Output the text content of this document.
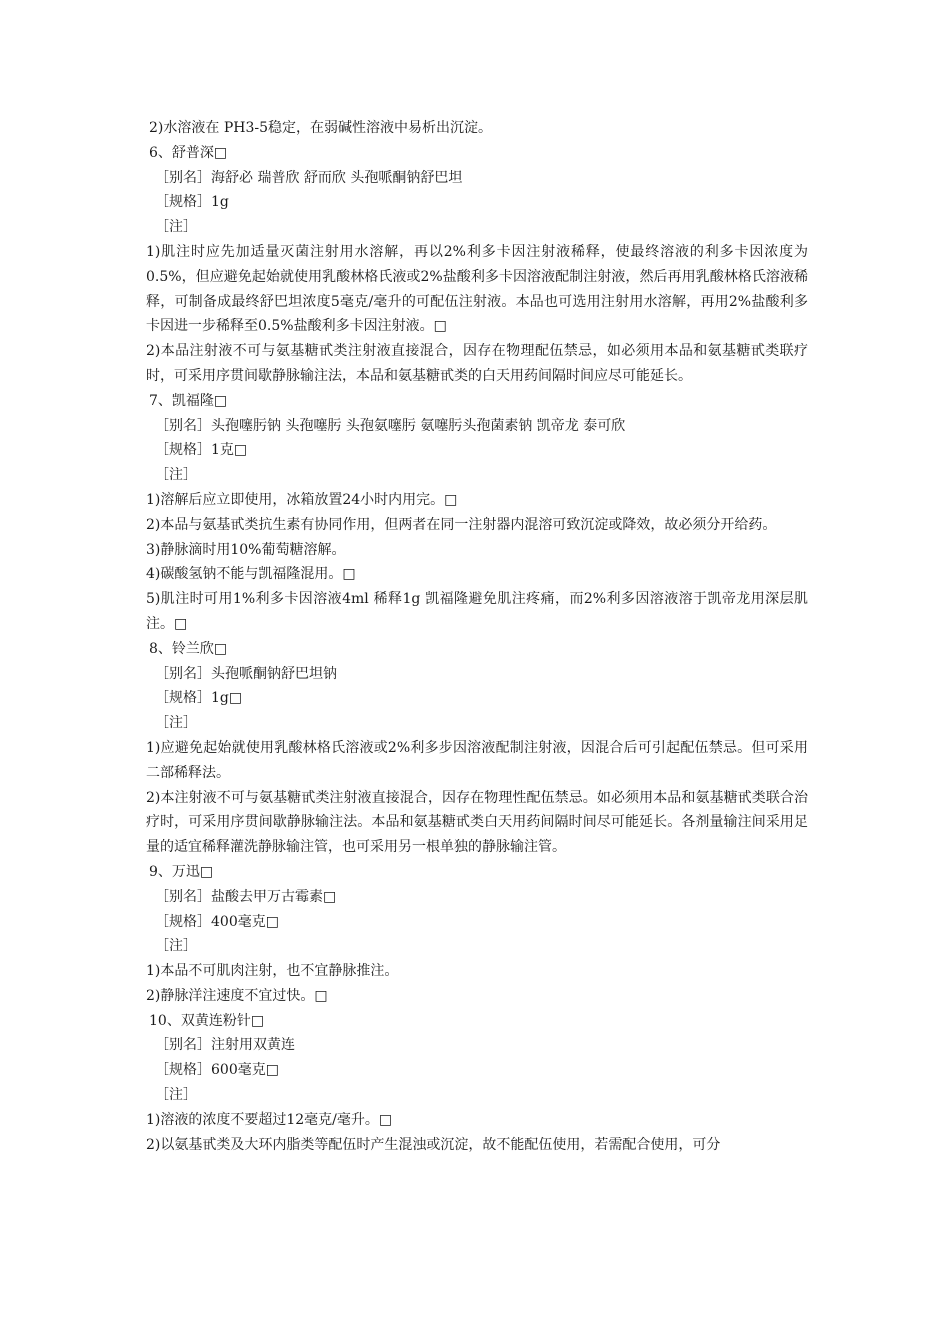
2)水溶液在 PH3-5稳定，在弱碱性溶液中易析出沉淀。

6、舒普深□

［别名］海舒必 瑞普欣 舒而欣 头孢哌酮钠舒巴坦

［规格］1g

［注］

1)肌注时应先加适量灭菌注射用水溶解，再以2%利多卡因注射液稀释，使最终溶液的利多卡因浓度为0.5%，但应避免起始就使用乳酸林格氏液或2%盐酸利多卡因溶液配制注射液，然后再用乳酸林格氏溶液稀释，可制备成最终舒巴坦浓度5毫克/毫升的可配伍注射液。本品也可选用注射用水溶解，再用2%盐酸利多卡因进一步稀释至0.5%盐酸利多卡因注射液。□

2)本品注射液不可与氨基糖甙类注射液直接混合，因存在物理配伍禁忌，如必须用本品和氨基糖甙类联疗时，可采用序贯间歇静脉输注法，本品和氨基糖甙类的白天用药间隔时间应尽可能延长。

7、凯福隆□

［别名］头孢噻肟钠 头孢噻肟 头孢氨噻肟 氨噻肟头孢菌素钠 凯帝龙 泰可欣

［规格］1克□

［注］

1)溶解后应立即使用，冰箱放置24小时内用完。□

2)本品与氨基甙类抗生素有协同作用，但两者在同一注射器内混溶可致沉淀或降效，故必须分开给药。

3)静脉滴时用10%葡萄糖溶解。

4)碳酸氢钠不能与凯福隆混用。□

5)肌注时可用1%利多卡因溶液4ml 稀释1g 凯福隆避免肌注疼痛，而2%利多因溶液溶于凯帝龙用深层肌注。□

8、铃兰欣□

［别名］头孢哌酮钠舒巴坦钠

［规格］1g□

［注］

1)应避免起始就使用乳酸林格氏溶液或2%利多步因溶液配制注射液，因混合后可引起配伍禁忌。但可采用二部稀释法。

2)本注射液不可与氨基糖甙类注射液直接混合，因存在物理性配伍禁忌。如必须用本品和氨基糖甙类联合治疗时，可采用序贯间歇静脉输注法。本品和氨基糖甙类白天用药间隔时间尽可能延长。各剂量输注间采用足量的适宜稀释灌洗静脉输注管，也可采用另一根单独的静脉输注管。

9、万迅□

［别名］盐酸去甲万古霉素□

［规格］400毫克□

［注］

1)本品不可肌肉注射，也不宜静脉推注。

2)静脉洋注速度不宜过快。□

10、双黄连粉针□

［别名］注射用双黄连

［规格］600毫克□

［注］

1)溶液的浓度不要超过12毫克/毫升。□

2)以氨基甙类及大环内脂类等配伍时产生混浊或沉淀，故不能配伍使用，若需配合使用，可分
